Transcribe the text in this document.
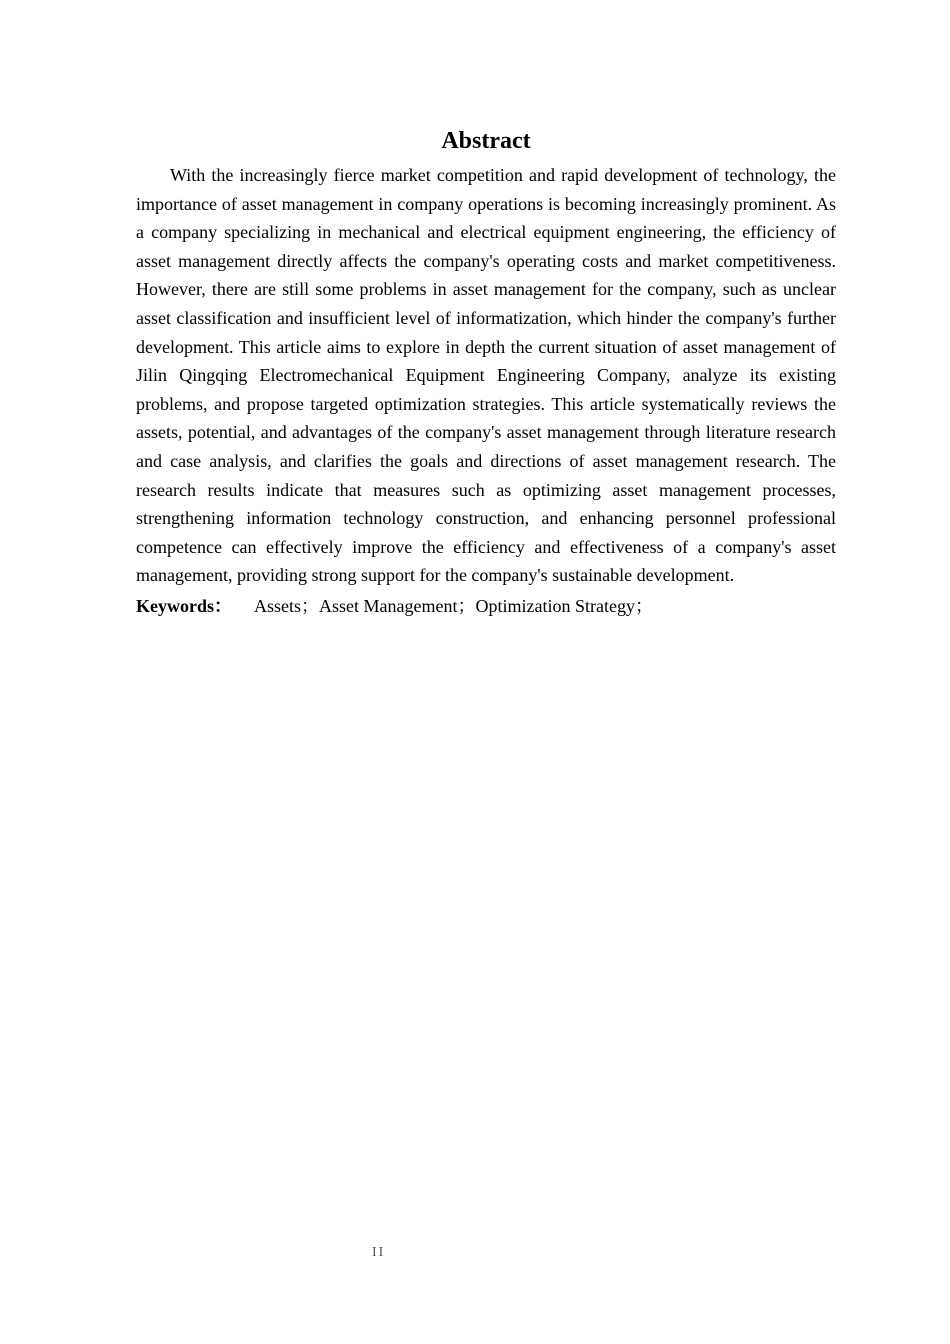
Abstract

With the increasingly fierce market competition and rapid development of technology, the importance of asset management in company operations is becoming increasingly prominent. As a company specializing in mechanical and electrical equipment engineering, the efficiency of asset management directly affects the company's operating costs and market competitiveness. However, there are still some problems in asset management for the company, such as unclear asset classification and insufficient level of informatization, which hinder the company's further development. This article aims to explore in depth the current situation of asset management of Jilin Qingqing Electromechanical Equipment Engineering Company, analyze its existing problems, and propose targeted optimization strategies. This article systematically reviews the assets, potential, and advantages of the company's asset management through literature research and case analysis, and clarifies the goals and directions of asset management research. The research results indicate that measures such as optimizing asset management processes, strengthening information technology construction, and enhancing personnel professional competence can effectively improve the efficiency and effectiveness of a company's asset management, providing strong support for the company's sustainable development.

Keywords： Assets；Asset Management；Optimization Strategy；
II
